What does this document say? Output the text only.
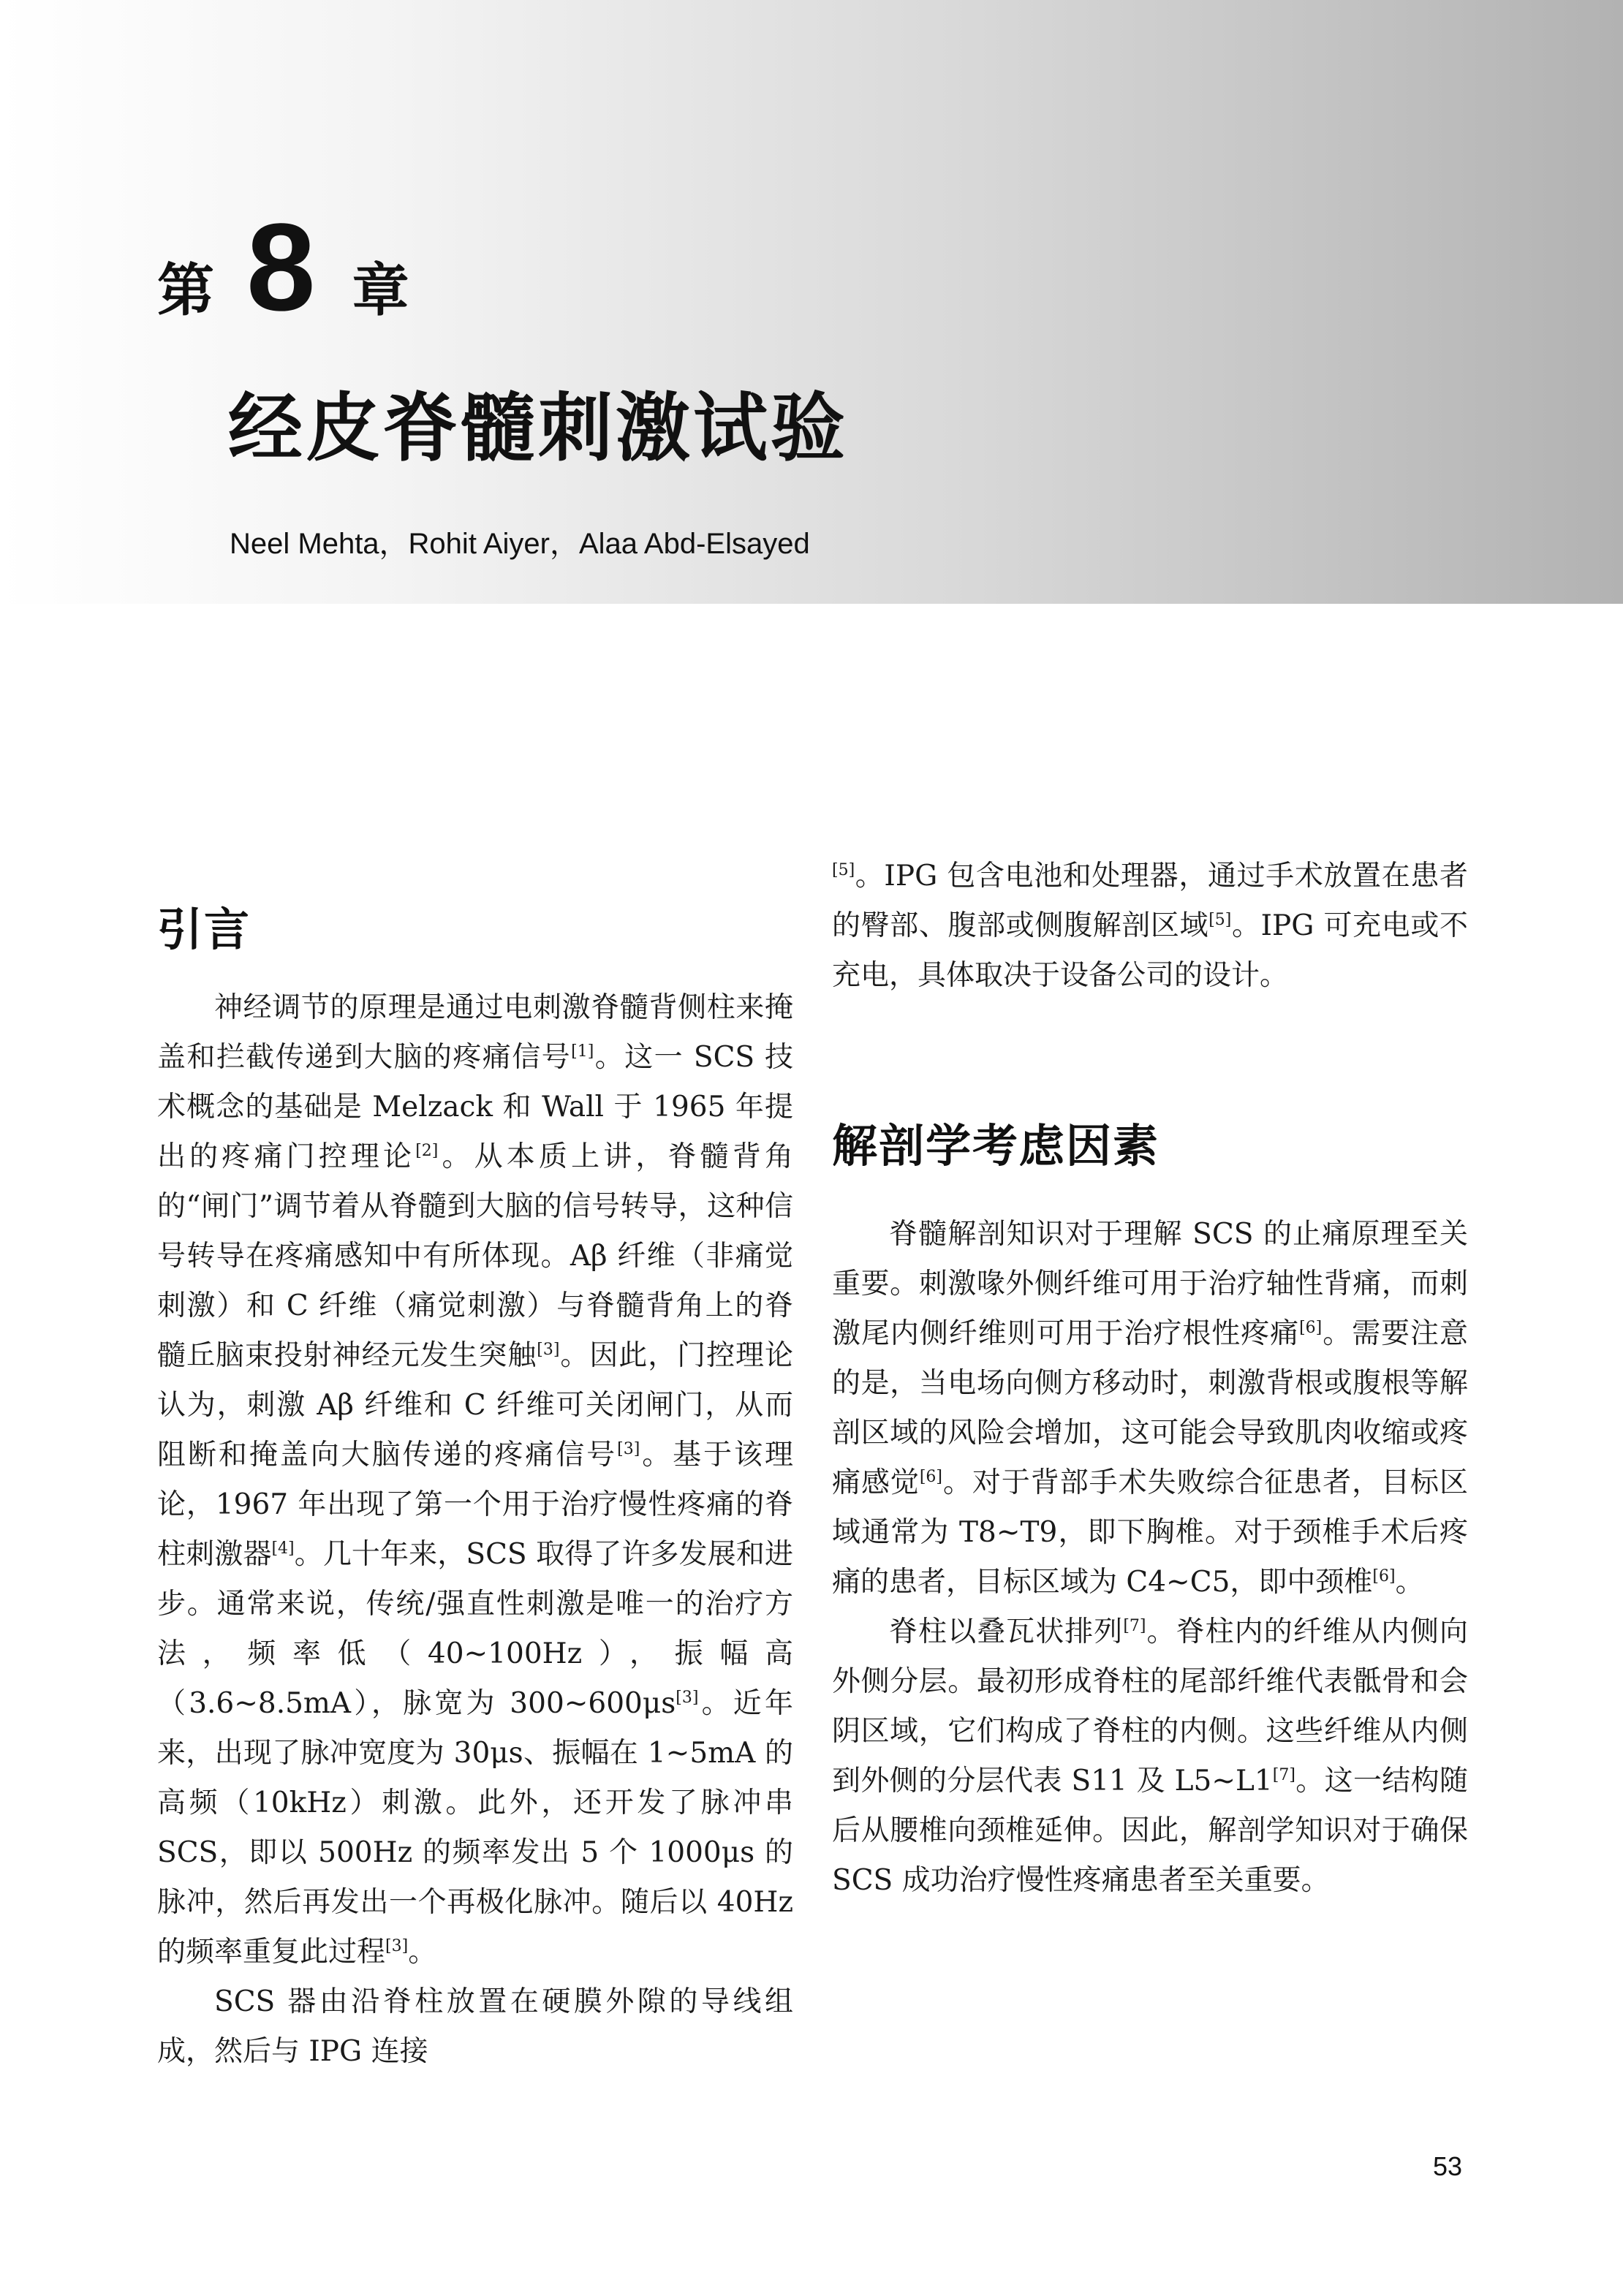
第 8 章
经皮脊髓刺激试验
Neel Mehta，Rohit Aiyer，Alaa Abd-Elsayed
引言

神经调节的原理是通过电刺激脊髓背侧柱来掩盖和拦截传递到大脑的疼痛信号[1]。这一 SCS 技术概念的基础是 Melzack 和 Wall 于 1965 年提出的疼痛门控理论[2]。从本质上讲，脊髓背角的“闸门”调节着从脊髓到大脑的信号转导，这种信号转导在疼痛感知中有所体现。Aβ 纤维（非痛觉刺激）和 C 纤维（痛觉刺激）与脊髓背角上的脊髓丘脑束投射神经元发生突触[3]。因此，门控理论认为，刺激 Aβ 纤维和 C 纤维可关闭闸门，从而阻断和掩盖向大脑传递的疼痛信号[3]。基于该理论，1967 年出现了第一个用于治疗慢性疼痛的脊柱刺激器[4]。几十年来，SCS 取得了许多发展和进步。通常来说，传统/强直性刺激是唯一的治疗方法，频率低（40~100Hz），振幅高（3.6~8.5mA），脉宽为 300~600μs[3]。近年来，出现了脉冲宽度为 30μs、振幅在 1~5mA 的高频（10kHz）刺激。此外，还开发了脉冲串 SCS，即以 500Hz 的频率发出 5 个 1000μs 的脉冲，然后再发出一个再极化脉冲。随后以 40Hz 的频率重复此过程[3]。

SCS 器由沿脊柱放置在硬膜外隙的导线组成，然后与 IPG 连接

[5]。IPG 包含电池和处理器，通过手术放置在患者的臀部、腹部或侧腹解剖区域[5]。IPG 可充电或不充电，具体取决于设备公司的设计。

解剖学考虑因素

脊髓解剖知识对于理解 SCS 的止痛原理至关重要。刺激喙外侧纤维可用于治疗轴性背痛，而刺激尾内侧纤维则可用于治疗根性疼痛[6]。需要注意的是，当电场向侧方移动时，刺激背根或腹根等解剖区域的风险会增加，这可能会导致肌肉收缩或疼痛感觉[6]。对于背部手术失败综合征患者，目标区域通常为 T8~T9，即下胸椎。对于颈椎手术后疼痛的患者，目标区域为 C4~C5，即中颈椎[6]。

脊柱以叠瓦状排列[7]。脊柱内的纤维从内侧向外侧分层。最初形成脊柱的尾部纤维代表骶骨和会阴区域，它们构成了脊柱的内侧。这些纤维从内侧到外侧的分层代表 S11 及 L5~L1[7]。这一结构随后从腰椎向颈椎延伸。因此，解剖学知识对于确保 SCS 成功治疗慢性疼痛患者至关重要。

53
